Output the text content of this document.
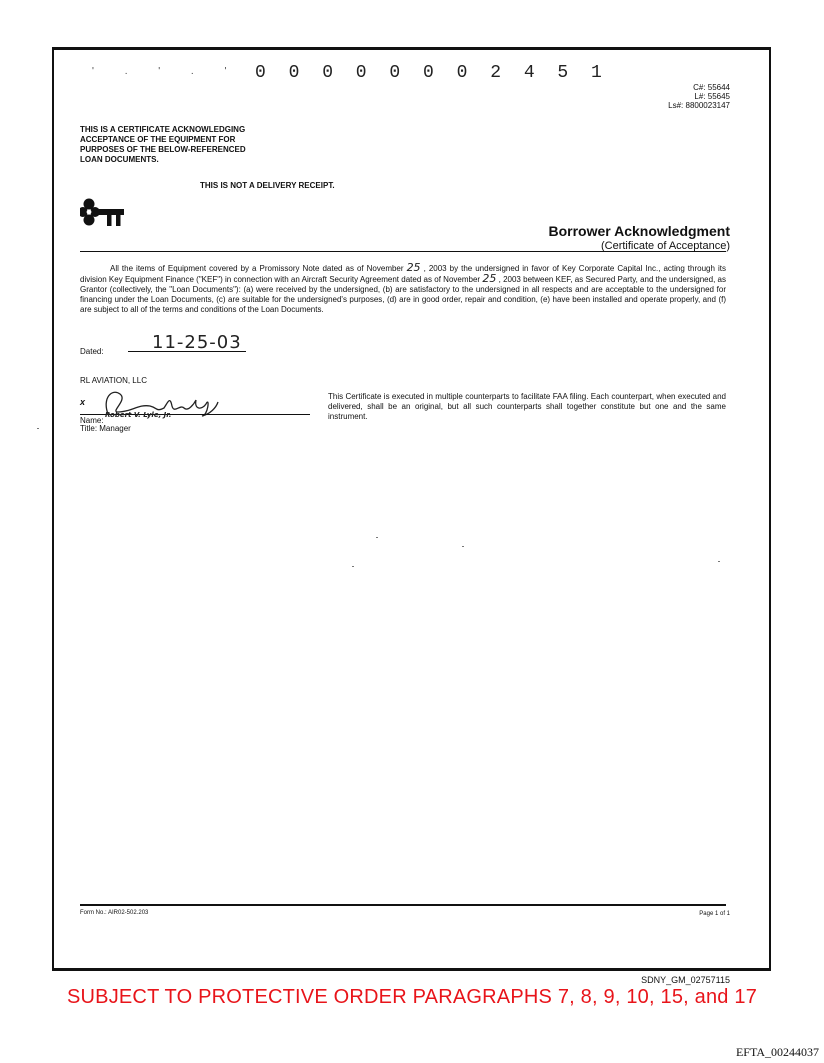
' . ' . ' 0 0 0 0 0 0 0 2 4 5 1
C#: 55644
L#: 55645
Ls#: 8800023147
THIS IS A CERTIFICATE ACKNOWLEDGING
ACCEPTANCE OF THE EQUIPMENT FOR
PURPOSES OF THE BELOW-REFERENCED
LOAN DOCUMENTS.
THIS IS NOT A DELIVERY RECEIPT.
Borrower Acknowledgment
(Certificate of Acceptance)
All the items of Equipment covered by a Promissory Note dated as of November 25 , 2003 by the undersigned in favor of Key Corporate Capital Inc., acting through its division Key Equipment Finance ("KEF") in connection with an Aircraft Security Agreement dated as of November 25 , 2003 between KEF, as Secured Party, and the undersigned, as Grantor (collectively, the "Loan Documents"): (a) were received by the undersigned, (b) are satisfactory to the undersigned in all respects and are acceptable to the undersigned for financing under the Loan Documents, (c) are suitable for the undersigned's purposes, (d) are in good order, repair and condition, (e) have been installed and operate properly, and (f) are subject to all of the terms and conditions of the Loan Documents.
Dated:	11-25-03
RL AVIATION, LLC
x
Name:
Robert V. Lyle, Jr.
Title: Manager
This Certificate is executed in multiple counterparts to facilitate FAA filing. Each counterpart, when executed and delivered, shall be an original, but all such counterparts shall together constitute but one and the same instrument.
Form No.: AIR02-502.203	Page 1 of 1
SDNY_GM_02757115
SUBJECT TO PROTECTIVE ORDER PARAGRAPHS 7, 8, 9, 10, 15, and 17
EFTA_00244037
